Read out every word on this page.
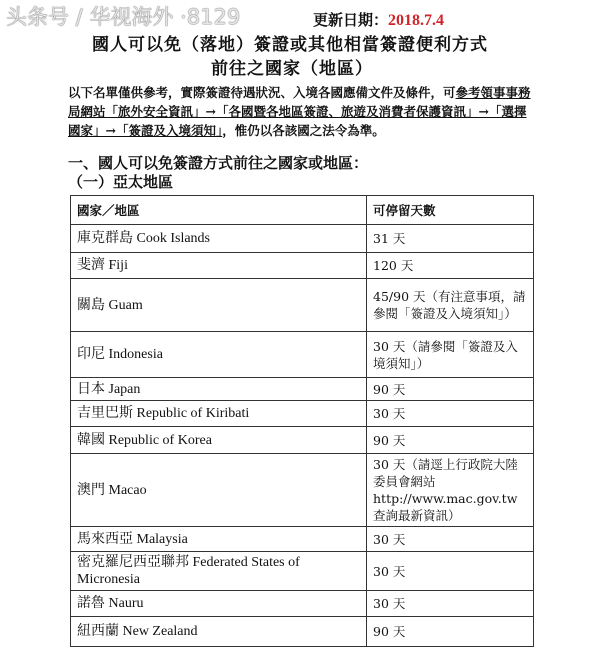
头条号 / 华视海外 ·8129	更新日期：2018.7.4
國人可以免（落地）簽證或其他相當簽證便利方式
前往之國家（地區）
以下名單僅供參考，實際簽證待遇狀況、入境各國應備文件及條件，可參考領事事務局網站「旅外安全資訊」→「各國暨各地區簽證、旅遊及消費者保護資訊」→「選擇國家」→「簽證及入境須知」，惟仍以各該國之法令為準。
一、國人可以免簽證方式前往之國家或地區：
（一）亞太地區
國家／地區	可停留天數
庫克群島 Cook Islands	31 天
斐濟 Fiji	120 天
關島 Guam	45/90 天（有注意事項，請參閱「簽證及入境須知」）
印尼 Indonesia	30 天（請參閱「簽證及入境須知」）
日本 Japan	90 天
吉里巴斯 Republic of Kiribati	30 天
韓國 Republic of Korea	90 天
澳門 Macao	30 天（請逕上行政院大陸委員會網站 http://www.mac.gov.tw 查詢最新資訊）
馬來西亞 Malaysia	30 天
密克羅尼西亞聯邦 Federated States of Micronesia	30 天
諾魯 Nauru	30 天
紐西蘭 New Zealand	90 天
